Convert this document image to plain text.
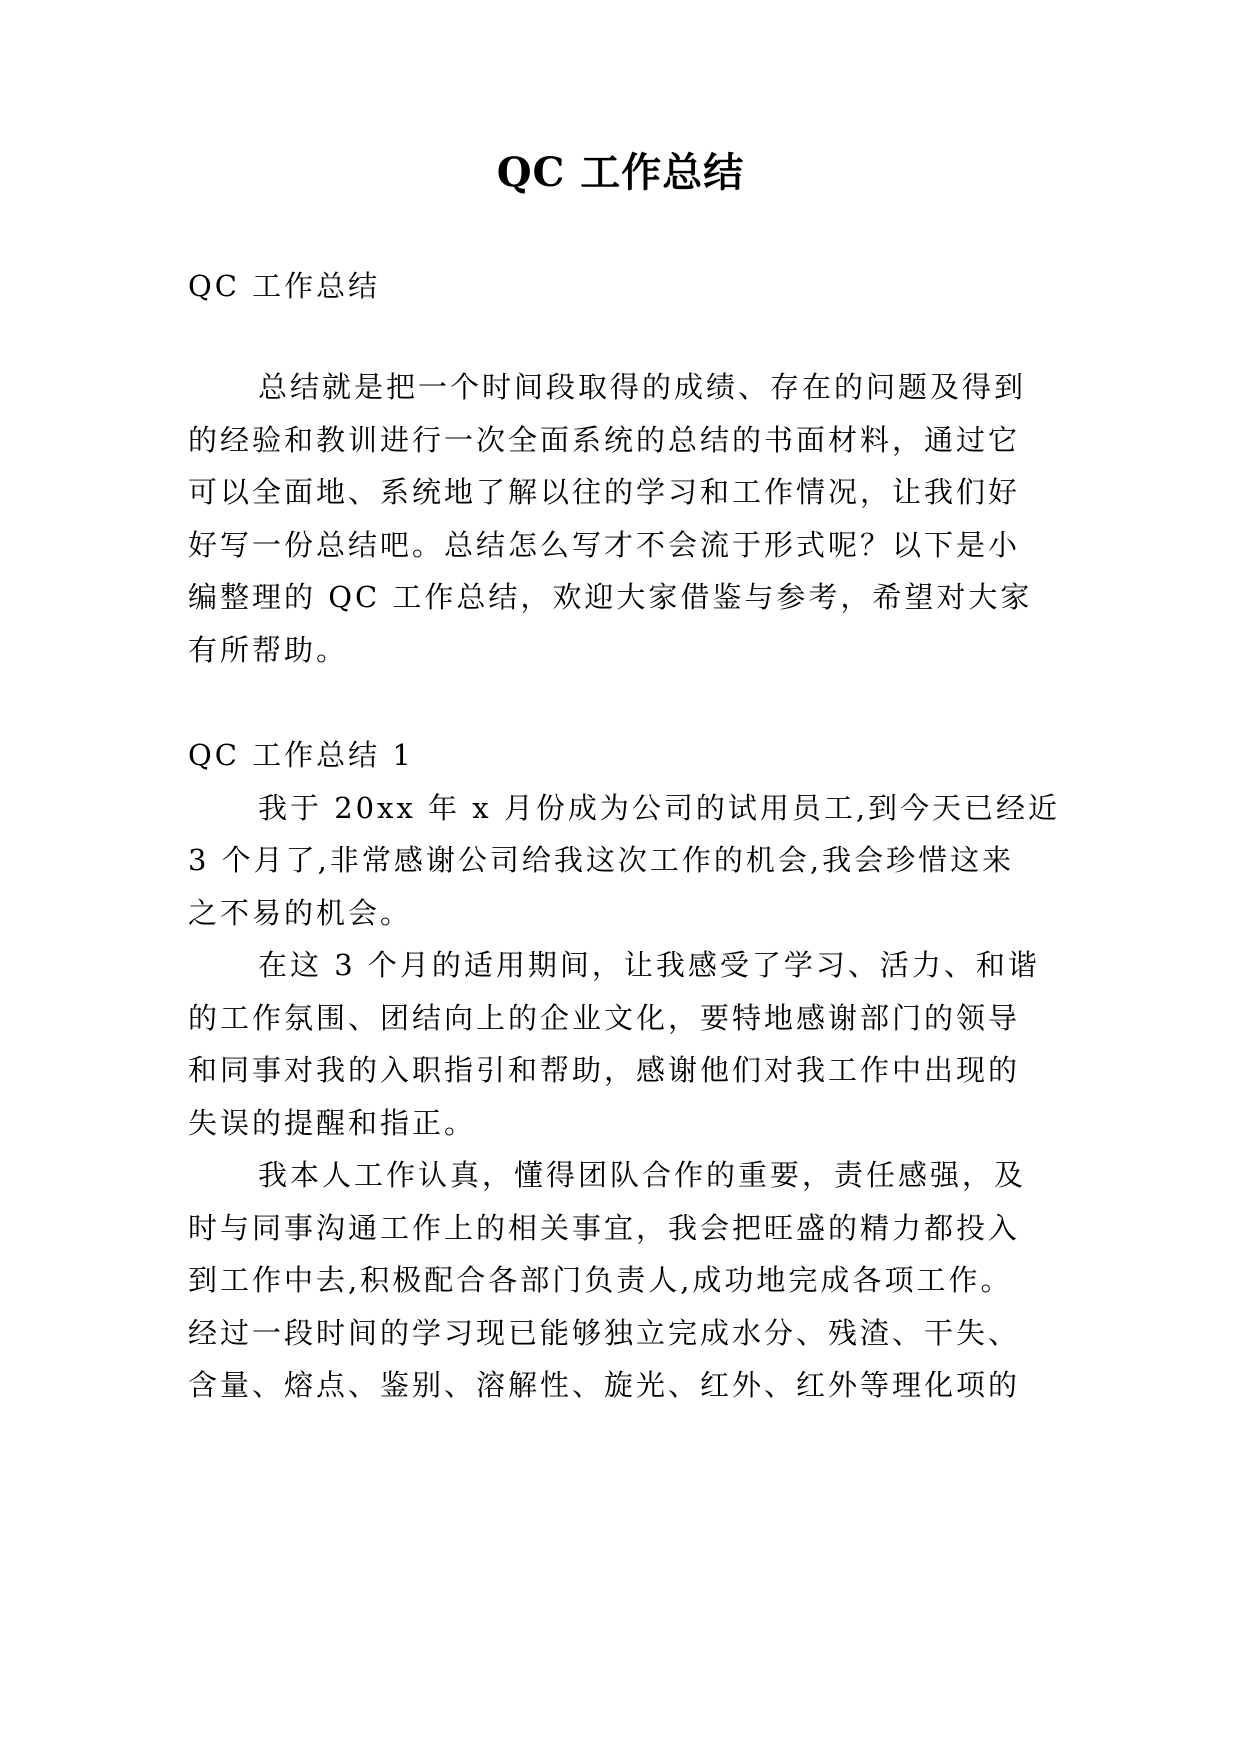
QC 工作总结
QC 工作总结
总结就是把一个时间段取得的成绩、存在的问题及得到
的经验和教训进行一次全面系统的总结的书面材料，通过它
可以全面地、系统地了解以往的学习和工作情况，让我们好
好写一份总结吧。总结怎么写才不会流于形式呢？以下是小
编整理的 QC 工作总结，欢迎大家借鉴与参考，希望对大家
有所帮助。
QC 工作总结 1
我于 20xx 年 x 月份成为公司的试用员工,到今天已经近
3 个月了,非常感谢公司给我这次工作的机会,我会珍惜这来
之不易的机会。
在这 3 个月的适用期间，让我感受了学习、活力、和谐
的工作氛围、团结向上的企业文化，要特地感谢部门的领导
和同事对我的入职指引和帮助，感谢他们对我工作中出现的
失误的提醒和指正。
我本人工作认真，懂得团队合作的重要，责任感强，及
时与同事沟通工作上的相关事宜，我会把旺盛的精力都投入
到工作中去,积极配合各部门负责人,成功地完成各项工作。
经过一段时间的学习现已能够独立完成水分、残渣、干失、
含量、熔点、鉴别、溶解性、旋光、红外、红外等理化项的
